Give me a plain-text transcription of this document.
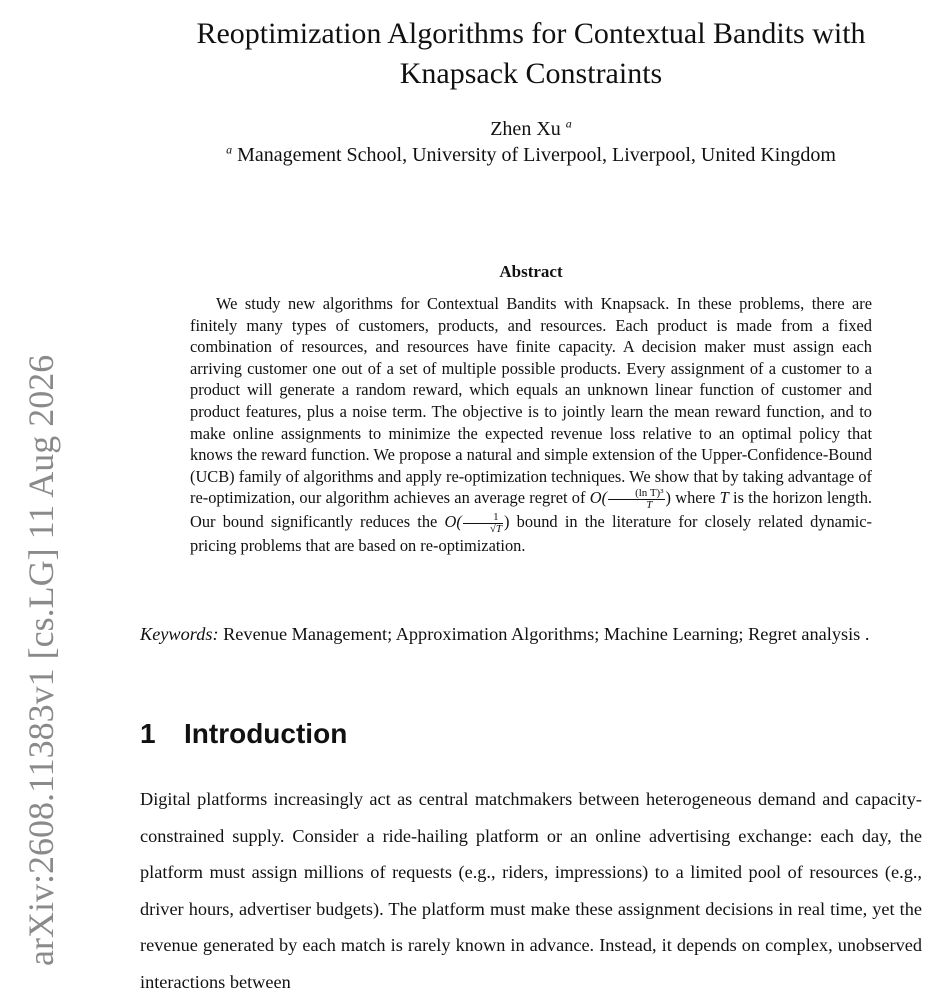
arXiv:2608.11383v1 [cs.LG] 11 Aug 2026
Reoptimization Algorithms for Contextual Bandits with
Knapsack Constraints
Zhen Xu $^a$
$^a$ Management School, University of Liverpool, Liverpool, United Kingdom
Abstract

We study new algorithms for Contextual Bandits with Knapsack. In these problems, there are finitely many types of customers, products, and resources. Each product is made from a fixed combination of resources, and resources have finite capacity. A decision maker must assign each arriving customer one out of a set of multiple possible products. Every assignment of a customer to a product will generate a random reward, which equals an unknown linear function of customer and product features, plus a noise term. The objective is to jointly learn the mean reward function, and to make online assignments to minimize the expected revenue loss relative to an optimal policy that knows the reward function. We propose a natural and simple extension of the Upper-Confidence-Bound (UCB) family of algorithms and apply re-optimization techniques. We show that by taking advantage of re-optimization, our algorithm achieves an average regret of $O( \frac{\text{(ln T)³}}{T}$ ) where T is the horizon length. Our bound significantly reduces the $O( \frac{1}{√T}$ ) bound in the literature for closely related dynamic-pricing problems that are based on re-optimization.

Keywords: Revenue Management; Approximation Algorithms; Machine Learning; Regret analysis .
1 Introduction

Digital platforms increasingly act as central matchmakers between heterogeneous demand and capacity-constrained supply. Consider a ride-hailing platform or an online advertising exchange: each day, the platform must assign millions of requests (e.g., riders, impressions) to a limited pool of resources (e.g., driver hours, advertiser budgets). The platform must make these assignment decisions in real time, yet the revenue generated by each match is rarely known in advance. Instead, it depends on complex, unobserved interactions between
